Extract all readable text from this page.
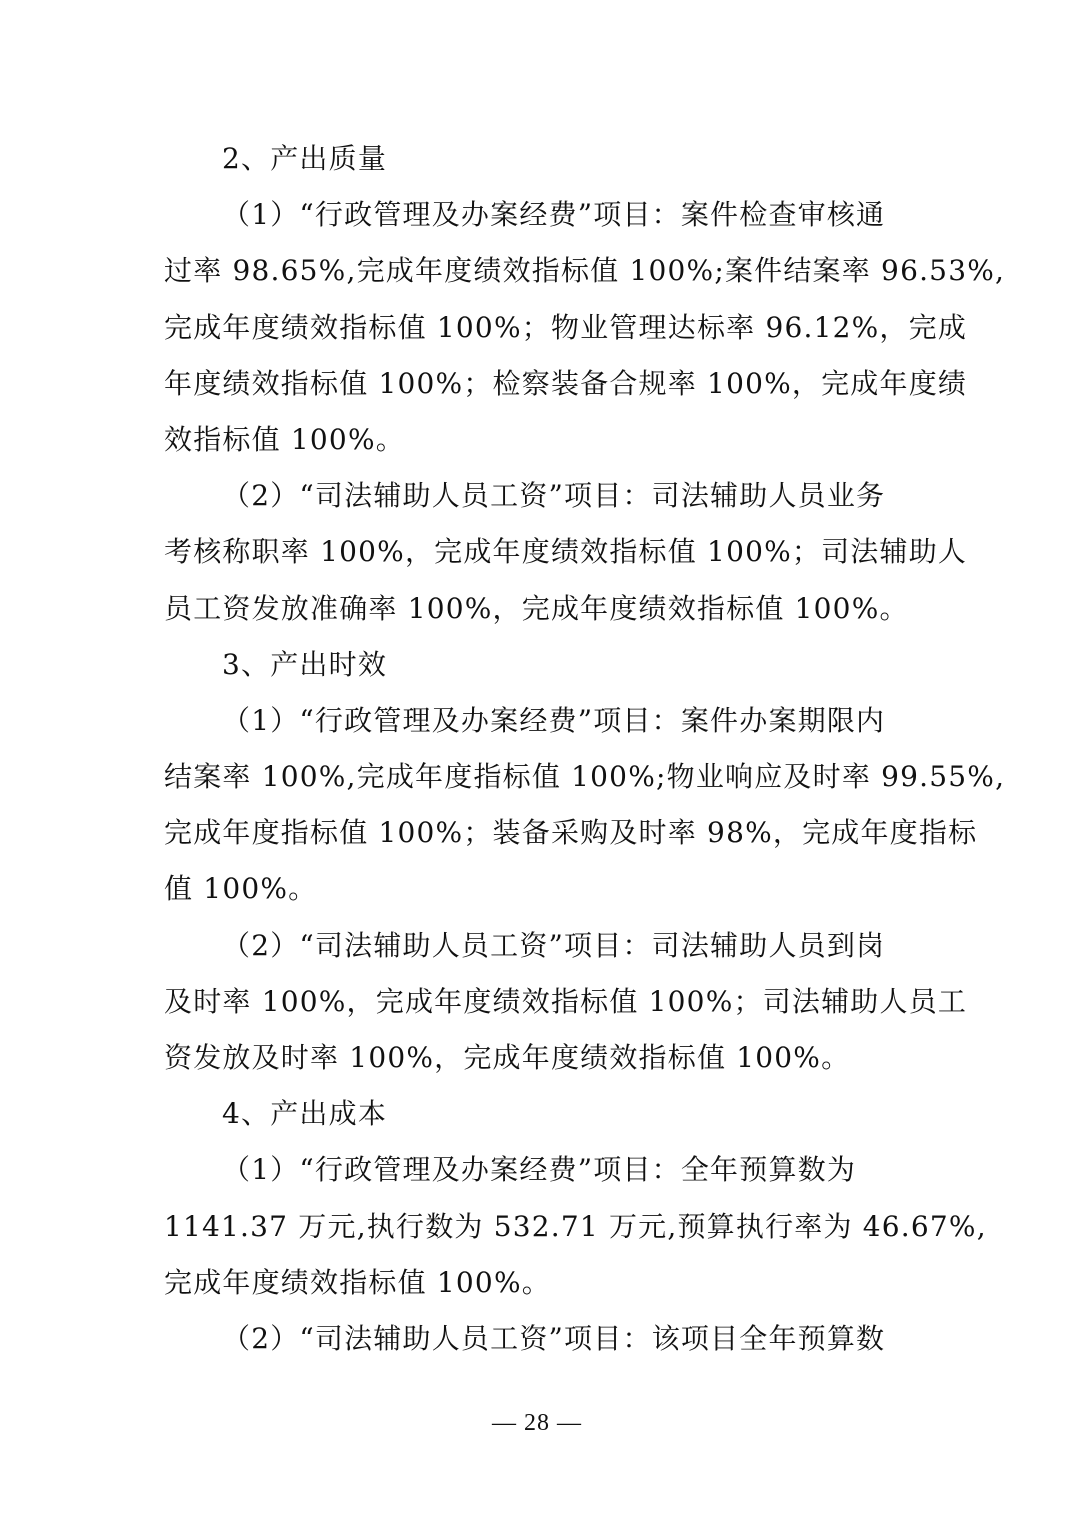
2、产出质量
（1）“行政管理及办案经费”项目：案件检查审核通
过率 98.65%,完成年度绩效指标值 100%;案件结案率 96.53%,
完成年度绩效指标值 100%；物业管理达标率 96.12%，完成
年度绩效指标值 100%；检察装备合规率 100%，完成年度绩
效指标值 100%。
（2）“司法辅助人员工资”项目：司法辅助人员业务
考核称职率 100%，完成年度绩效指标值 100%；司法辅助人
员工资发放准确率 100%，完成年度绩效指标值 100%。
3、产出时效
（1）“行政管理及办案经费”项目：案件办案期限内
结案率 100%,完成年度指标值 100%;物业响应及时率 99.55%,
完成年度指标值 100%；装备采购及时率 98%，完成年度指标
值 100%。
（2）“司法辅助人员工资”项目：司法辅助人员到岗
及时率 100%，完成年度绩效指标值 100%；司法辅助人员工
资发放及时率 100%，完成年度绩效指标值 100%。
4、产出成本
（1）“行政管理及办案经费”项目：全年预算数为
1141.37 万元,执行数为 532.71 万元,预算执行率为 46.67%,
完成年度绩效指标值 100%。
（2）“司法辅助人员工资”项目：该项目全年预算数
— 28 —
